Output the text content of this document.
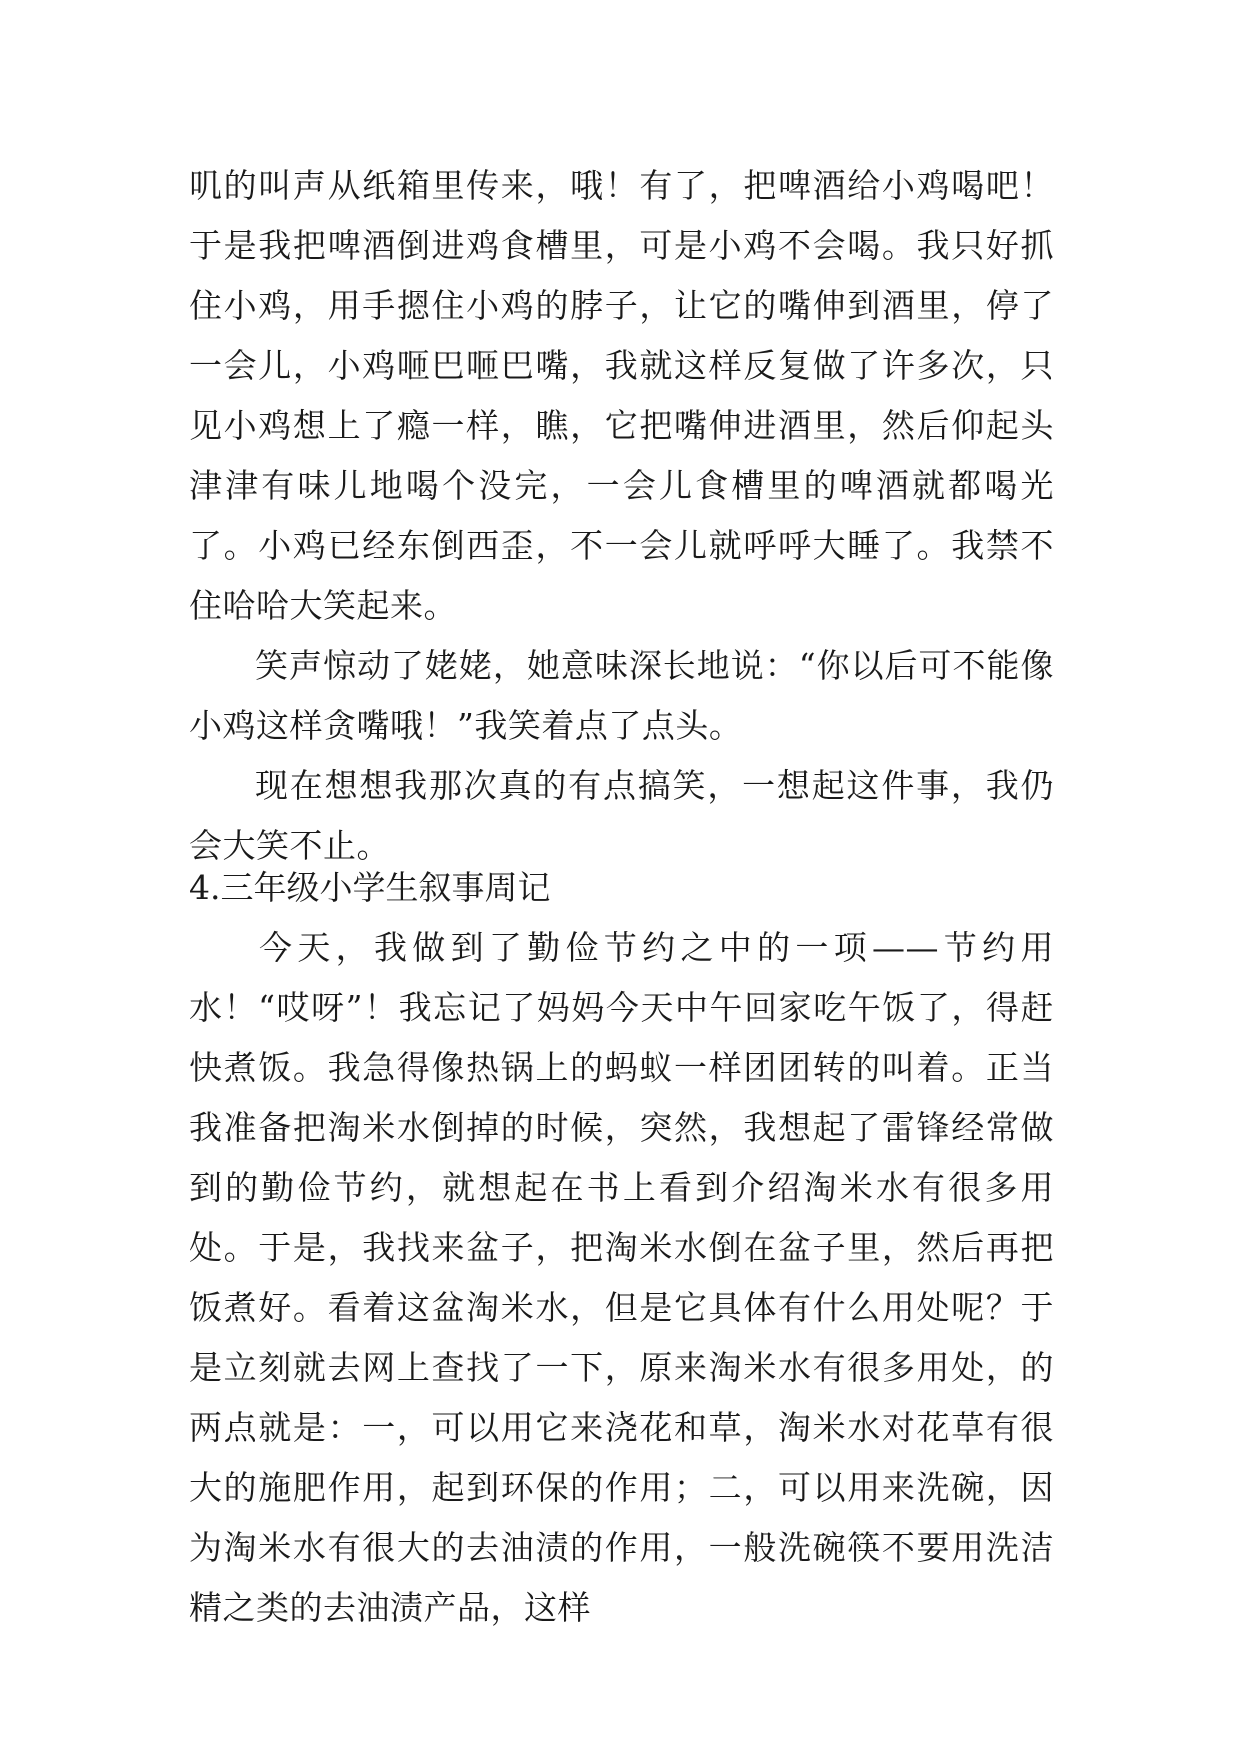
叽的叫声从纸箱里传来，哦！有了，把啤酒给小鸡喝吧！于是我把啤酒倒进鸡食槽里，可是小鸡不会喝。我只好抓住小鸡，用手摁住小鸡的脖子，让它的嘴伸到酒里，停了一会儿，小鸡咂巴咂巴嘴，我就这样反复做了许多次，只见小鸡想上了瘾一样，瞧，它把嘴伸进酒里，然后仰起头津津有味儿地喝个没完，一会儿食槽里的啤酒就都喝光了。小鸡已经东倒西歪，不一会儿就呼呼大睡了。我禁不住哈哈大笑起来。

笑声惊动了姥姥，她意味深长地说：“你以后可不能像小鸡这样贪嘴哦！”我笑着点了点头。

现在想想我那次真的有点搞笑，一想起这件事，我仍会大笑不止。

4.三年级小学生叙事周记

今天，我做到了勤俭节约之中的一项——节约用水！“哎呀”！我忘记了妈妈今天中午回家吃午饭了，得赶快煮饭。我急得像热锅上的蚂蚁一样团团转的叫着。正当我准备把淘米水倒掉的时候，突然，我想起了雷锋经常做到的勤俭节约，就想起在书上看到介绍淘米水有很多用处。于是，我找来盆子，把淘米水倒在盆子里，然后再把饭煮好。看着这盆淘米水，但是它具体有什么用处呢？于是立刻就去网上查找了一下，原来淘米水有很多用处，的两点就是：一，可以用它来浇花和草，淘米水对花草有很大的施肥作用，起到环保的作用；二，可以用来洗碗，因为淘米水有很大的去油渍的作用，一般洗碗筷不要用洗洁精之类的去油渍产品，这样
